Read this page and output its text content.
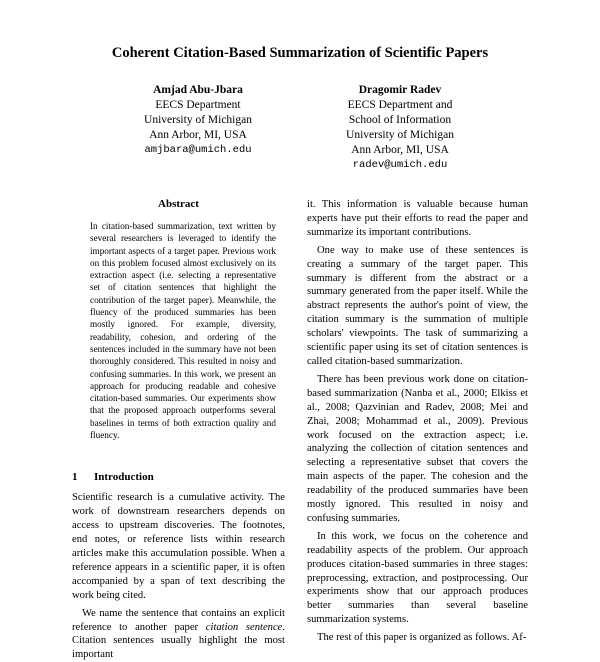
Coherent Citation-Based Summarization of Scientific Papers
Amjad Abu-Jbara
EECS Department
University of Michigan
Ann Arbor, MI, USA
amjbara@umich.edu
Dragomir Radev
EECS Department and
School of Information
University of Michigan
Ann Arbor, MI, USA
radev@umich.edu
Abstract

In citation-based summarization, text written by several researchers is leveraged to identify the important aspects of a target paper. Previous work on this problem focused almost exclusively on its extraction aspect (i.e. selecting a representative set of citation sentences that highlight the contribution of the target paper). Meanwhile, the fluency of the produced summaries has been mostly ignored. For example, diversity, readability, cohesion, and ordering of the sentences included in the summary have not been thoroughly considered. This resulted in noisy and confusing summaries. In this work, we present an approach for producing readable and cohesive citation-based summaries. Our experiments show that the proposed approach outperforms several baselines in terms of both extraction quality and fluency.

1 Introduction

Scientific research is a cumulative activity. The work of downstream researchers depends on access to upstream discoveries. The footnotes, end notes, or reference lists within research articles make this accumulation possible. When a reference appears in a scientific paper, it is often accompanied by a span of text describing the work being cited.

We name the sentence that contains an explicit reference to another paper citation sentence. Citation sentences usually highlight the most important

it. This information is valuable because human experts have put their efforts to read the paper and summarize its important contributions.

One way to make use of these sentences is creating a summary of the target paper. This summary is different from the abstract or a summary generated from the paper itself. While the abstract represents the author's point of view, the citation summary is the summation of multiple scholars' viewpoints. The task of summarizing a scientific paper using its set of citation sentences is called citation-based summarization.

There has been previous work done on citation-based summarization (Nanba et al., 2000; Elkiss et al., 2008; Qazvinian and Radev, 2008; Mei and Zhai, 2008; Mohammad et al., 2009). Previous work focused on the extraction aspect; i.e. analyzing the collection of citation sentences and selecting a representative subset that covers the main aspects of the paper. The cohesion and the readability of the produced summaries have been mostly ignored. This resulted in noisy and confusing summaries.

In this work, we focus on the coherence and readability aspects of the problem. Our approach produces citation-based summaries in three stages: preprocessing, extraction, and postprocessing. Our experiments show that our approach produces better summaries than several baseline summarization systems.

The rest of this paper is organized as follows. Af-
